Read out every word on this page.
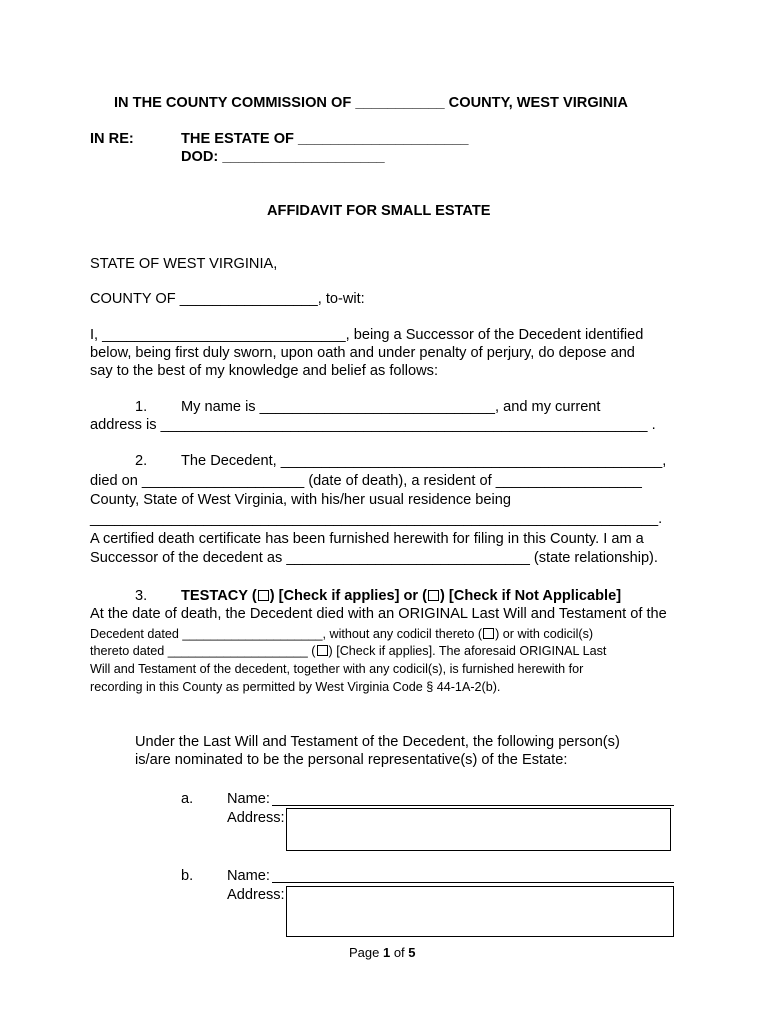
IN THE COUNTY COMMISSION OF ___________ COUNTY, WEST VIRGINIA
IN RE:	THE ESTATE OF _____________________
DOD: ____________________
AFFIDAVIT FOR SMALL ESTATE
STATE OF WEST VIRGINIA,
COUNTY OF _________________, to-wit:
I, ______________________________, being a Successor of the Decedent identified
below, being first duly sworn, upon oath and under penalty of perjury, do depose and
say to the best of my knowledge and belief as follows:
1. My name is _____________________________, and my current
address is ____________________________________________________________ .
2. The Decedent, _______________________________________________,
died on ____________________ (date of death), a resident of __________________
County, State of West Virginia, with his/her usual residence being
______________________________________________________________________.
A certified death certificate has been furnished herewith for filing in this County. I am a
Successor of the decedent as ______________________________ (state relationship).
3. TESTACY ( ) [Check if applies] or ( ) [Check if Not Applicable]
At the date of death, the Decedent died with an ORIGINAL Last Will and Testament of the
Decedent dated ____________________, without any codicil thereto ( ) or with codicil(s)
thereto dated ____________________ ( ) [Check if applies]. The aforesaid ORIGINAL Last
Will and Testament of the decedent, together with any codicil(s), is furnished herewith for
recording in this County as permitted by West Virginia Code § 44-1A-2(b).
Under the Last Will and Testament of the Decedent, the following person(s)
is/are nominated to be the personal representative(s) of the Estate:
a. Name:
Address:
b. Name:
Address:
Page 1 of 5
